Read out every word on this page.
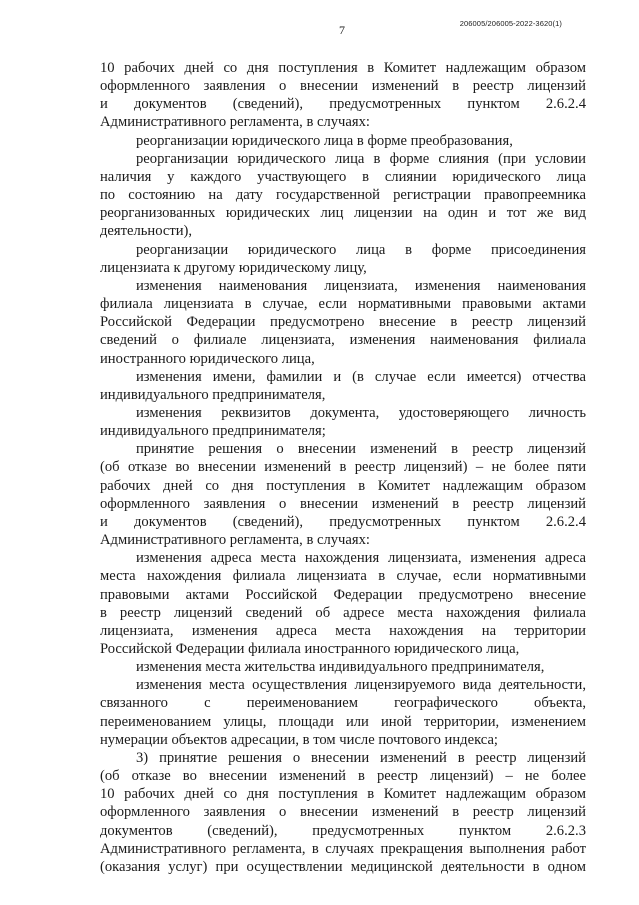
7	206005/206005-2022-3620(1)
10 рабочих дней со дня поступления в Комитет надлежащим образом
оформленного заявления о внесении изменений в реестр лицензий
и документов (сведений), предусмотренных пунктом 2.6.2.4
Административного регламента, в случаях:
реорганизации юридического лица в форме преобразования,
реорганизации юридического лица в форме слияния (при условии
наличия у каждого участвующего в слиянии юридического лица
по состоянию на дату государственной регистрации правопреемника
реорганизованных юридических лиц лицензии на один и тот же вид
деятельности),
реорганизации юридического лица в форме присоединения
лицензиата к другому юридическому лицу,
изменения наименования лицензиата, изменения наименования
филиала лицензиата в случае, если нормативными правовыми актами
Российской Федерации предусмотрено внесение в реестр лицензий
сведений о филиале лицензиата, изменения наименования филиала
иностранного юридического лица,
изменения имени, фамилии и (в случае если имеется) отчества
индивидуального предпринимателя,
изменения реквизитов документа, удостоверяющего личность
индивидуального предпринимателя;
принятие решения о внесении изменений в реестр лицензий
(об отказе во внесении изменений в реестр лицензий) – не более пяти
рабочих дней со дня поступления в Комитет надлежащим образом
оформленного заявления о внесении изменений в реестр лицензий
и документов (сведений), предусмотренных пунктом 2.6.2.4
Административного регламента, в случаях:
изменения адреса места нахождения лицензиата, изменения адреса
места нахождения филиала лицензиата в случае, если нормативными
правовыми актами Российской Федерации предусмотрено внесение
в реестр лицензий сведений об адресе места нахождения филиала
лицензиата, изменения адреса места нахождения на территории
Российской Федерации филиала иностранного юридического лица,
изменения места жительства индивидуального предпринимателя,
изменения места осуществления лицензируемого вида деятельности,
связанного с переименованием географического объекта,
переименованием улицы, площади или иной территории, изменением
нумерации объектов адресации, в том числе почтового индекса;
3) принятие решения о внесении изменений в реестр лицензий
(об отказе во внесении изменений в реестр лицензий) – не более
10 рабочих дней со дня поступления в Комитет надлежащим образом
оформленного заявления о внесении изменений в реестр лицензий
документов (сведений), предусмотренных пунктом 2.6.2.3
Административного регламента, в случаях прекращения выполнения работ
(оказания услуг) при осуществлении медицинской деятельности в одном
